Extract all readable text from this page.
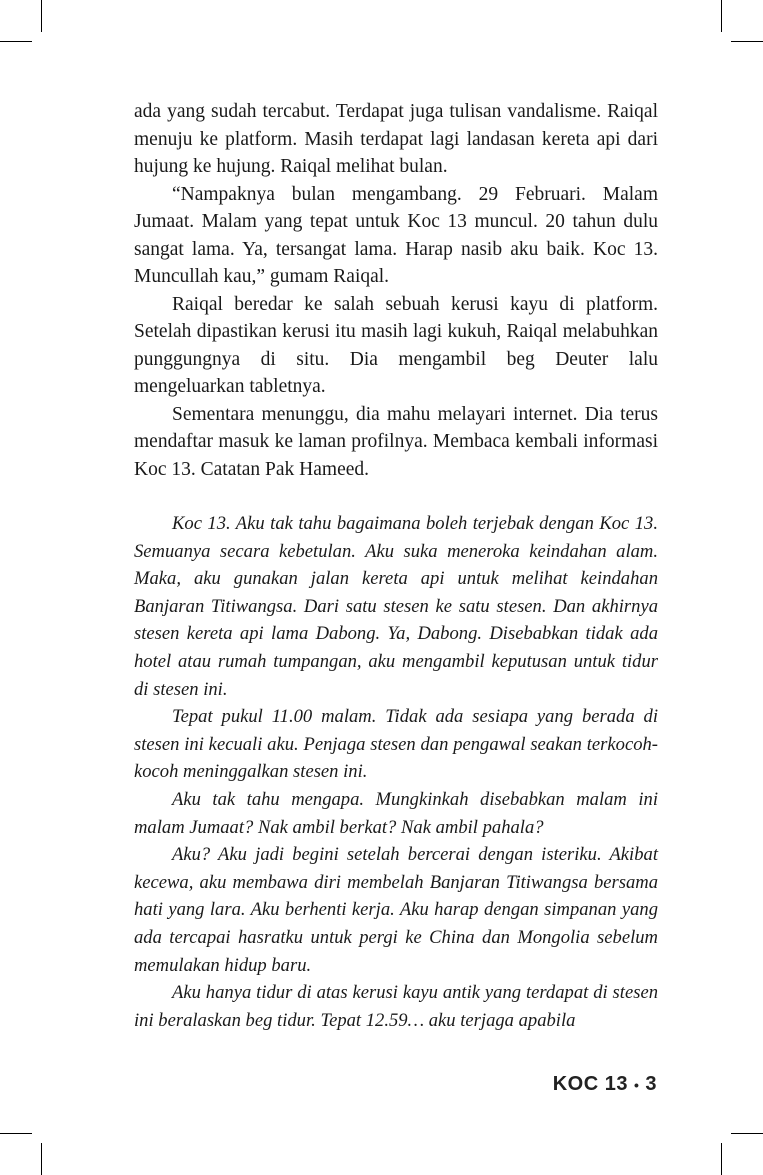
ada yang sudah tercabut. Terdapat juga tulisan vandalisme. Raiqal menuju ke platform. Masih terdapat lagi landasan kereta api dari hujung ke hujung. Raiqal melihat bulan.

“Nampaknya bulan mengambang. 29 Februari. Malam Jumaat. Malam yang tepat untuk Koc 13 muncul. 20 tahun dulu sangat lama. Ya, tersangat lama. Harap nasib aku baik. Koc 13. Muncullah kau,” gumam Raiqal.

Raiqal beredar ke salah sebuah kerusi kayu di platform. Setelah dipastikan kerusi itu masih lagi kukuh, Raiqal melabuhkan punggungnya di situ. Dia mengambil beg Deuter lalu mengeluarkan tabletnya.

Sementara menunggu, dia mahu melayari internet. Dia terus mendaftar masuk ke laman profilnya. Membaca kembali informasi Koc 13. Catatan Pak Hameed.

Koc 13. Aku tak tahu bagaimana boleh terjebak dengan Koc 13. Semuanya secara kebetulan. Aku suka meneroka keindahan alam. Maka, aku gunakan jalan kereta api untuk melihat keindahan Banjaran Titiwangsa. Dari satu stesen ke satu stesen. Dan akhirnya stesen kereta api lama Dabong. Ya, Dabong. Disebabkan tidak ada hotel atau rumah tumpangan, aku mengambil keputusan untuk tidur di stesen ini.

Tepat pukul 11.00 malam. Tidak ada sesiapa yang berada di stesen ini kecuali aku. Penjaga stesen dan pengawal seakan terkocoh-kocoh meninggalkan stesen ini.

Aku tak tahu mengapa. Mungkinkah disebabkan malam ini malam Jumaat? Nak ambil berkat? Nak ambil pahala?

Aku? Aku jadi begini setelah bercerai dengan isteriku. Akibat kecewa, aku membawa diri membelah Banjaran Titiwangsa bersama hati yang lara. Aku berhenti kerja. Aku harap dengan simpanan yang ada tercapai hasratku untuk pergi ke China dan Mongolia sebelum memulakan hidup baru.

Aku hanya tidur di atas kerusi kayu antik yang terdapat di stesen ini beralaskan beg tidur. Tepat 12.59… aku terjaga apabila

KOC 13 • 3
